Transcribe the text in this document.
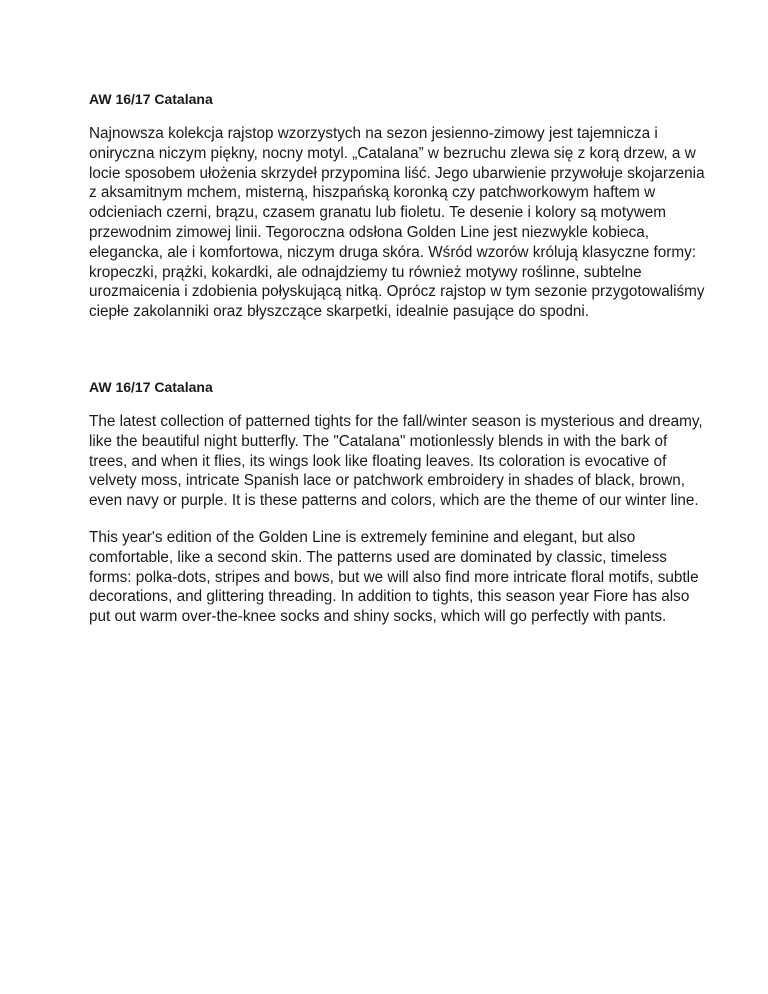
AW 16/17 Catalana

Najnowsza kolekcja rajstop wzorzystych na sezon jesienno-zimowy jest tajemnicza i oniryczna niczym piękny, nocny motyl. „Catalana” w bezruchu zlewa się z korą drzew, a w locie sposobem ułożenia skrzydeł przypomina liść. Jego ubarwienie przywołuje skojarzenia z aksamitnym mchem, misterną, hiszpańską koronką czy patchworkowym haftem w odcieniach czerni, brązu, czasem granatu lub fioletu. Te desenie i kolory są motywem przewodnim zimowej linii. Tegoroczna odsłona Golden Line jest niezwykle kobieca, elegancka, ale i komfortowa, niczym druga skóra. Wśród wzorów królują klasyczne formy: kropeczki, prążki, kokardki, ale odnajdziemy tu również motywy roślinne, subtelne urozmaicenia i zdobienia połyskującą nitką. Oprócz rajstop w tym sezonie przygotowaliśmy ciepłe zakolanniki oraz błyszczące skarpetki, idealnie pasujące do spodni.

AW 16/17 Catalana

The latest collection of patterned tights for the fall/winter season is mysterious and dreamy, like the beautiful night butterfly. The "Catalana" motionlessly blends in with the bark of trees, and when it flies, its wings look like floating leaves. Its coloration is evocative of velvety moss, intricate Spanish lace or patchwork embroidery in shades of black, brown, even navy or purple. It is these patterns and colors, which are the theme of our winter line.

This year's edition of the Golden Line is extremely feminine and elegant, but also comfortable, like a second skin. The patterns used are dominated by classic, timeless forms: polka-dots, stripes and bows, but we will also find more intricate floral motifs, subtle decorations, and glittering threading. In addition to tights, this season year Fiore has also put out warm over-the-knee socks and shiny socks, which will go perfectly with pants.
